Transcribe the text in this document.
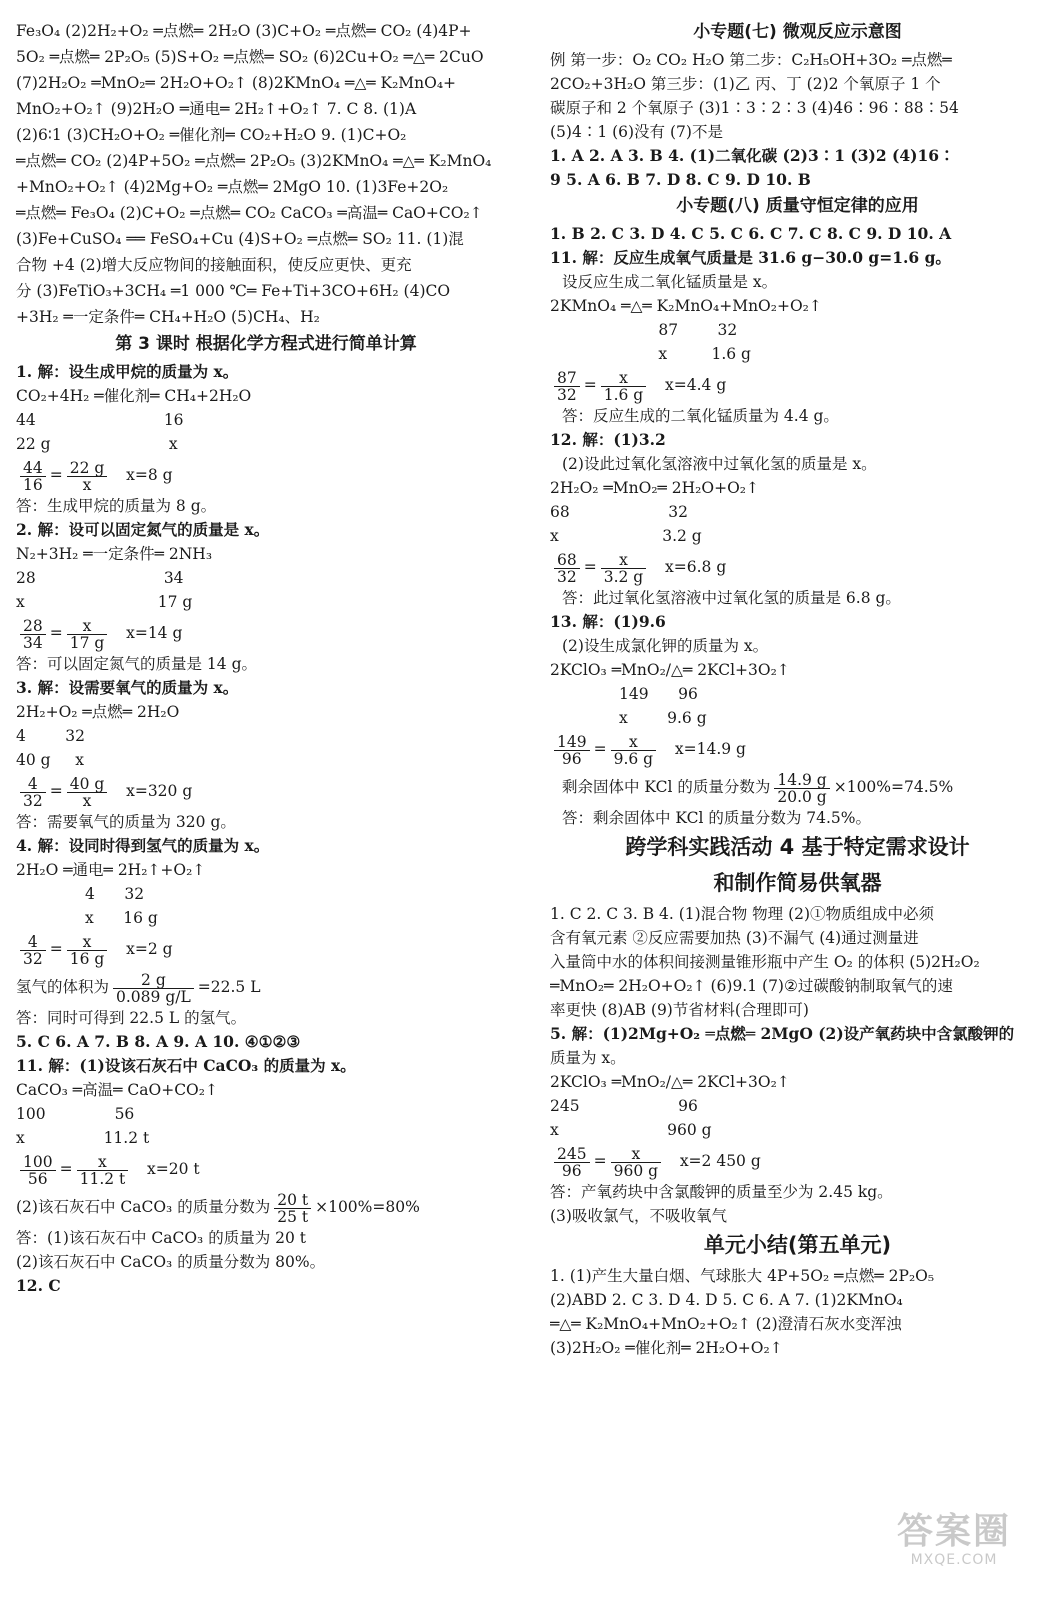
Fe₃O₄ (2)2H₂+O₂ ═点燃═ 2H₂O (3)C+O₂ ═点燃═ CO₂ (4)4P+
5O₂ ═点燃═ 2P₂O₅ (5)S+O₂ ═点燃═ SO₂ (6)2Cu+O₂ ═△═ 2CuO
(7)2H₂O₂ ═MnO₂═ 2H₂O+O₂↑ (8)2KMnO₄ ═△═ K₂MnO₄+
MnO₂+O₂↑ (9)2H₂O ═通电═ 2H₂↑+O₂↑ 7. C 8. (1)A
(2)6∶1 (3)CH₂O+O₂ ═催化剂═ CO₂+H₂O 9. (1)C+O₂
═点燃═ CO₂ (2)4P+5O₂ ═点燃═ 2P₂O₅ (3)2KMnO₄ ═△═ K₂MnO₄
+MnO₂+O₂↑ (4)2Mg+O₂ ═点燃═ 2MgO 10. (1)3Fe+2O₂
═点燃═ Fe₃O₄ (2)C+O₂ ═点燃═ CO₂ CaCO₃ ═高温═ CaO+CO₂↑
(3)Fe+CuSO₄ ══ FeSO₄+Cu (4)S+O₂ ═点燃═ SO₂ 11. (1)混
合物 +4 (2)增大反应物间的接触面积，使反应更快、更充
分 (3)FeTiO₃+3CH₄ ═1 000 ℃═ Fe+Ti+3CO+6H₂ (4)CO
+3H₂ ═一定条件═ CH₄+H₂O (5)CH₄、H₂
第 3 课时 根据化学方程式进行简单计算
1. 解：设生成甲烷的质量为 x。
CO₂+4H₂ ═催化剂═ CH₄+2H₂O
44                          16
22 g                        x
$\frac{44}{16} = \frac{22 g}{x} x=8$ g
答：生成甲烷的质量为 8 g。
2. 解：设可以固定氮气的质量是 x。
N₂+3H₂ ═一定条件═ 2NH₃
28                          34
x                           17 g
$\frac{28}{34} = \frac{x}{17 g} x=14$ g
答：可以固定氮气的质量是 14 g。
3. 解：设需要氧气的质量为 x。
2H₂+O₂ ═点燃═ 2H₂O
4        32
40 g     x
$\frac{4}{32} = \frac{40 g}{x} x=320$ g
答：需要氧气的质量为 320 g。
4. 解：设同时得到氢气的质量为 x。
2H₂O ═通电═ 2H₂↑+O₂↑
4      32
x      16 g
$\frac{4}{32} = \frac{x}{16 g} x=2$ g
氢气的体积为 $\frac{2 g}{0.089 g/L} =22.5$ L
答：同时可得到 22.5 L 的氢气。
5. C 6. A 7. B 8. A 9. A 10. ④①②③
11. 解：(1)设该石灰石中 CaCO₃ 的质量为 x。
CaCO₃ ═高温═ CaO+CO₂↑
100              56
x                11.2 t
$\frac{100}{56} = \frac{x}{11.2 t} x=20$ t
(2)该石灰石中 CaCO₃ 的质量分数为 $\frac{20 t}{25 t} \times 100\%=80\%$
答：(1)该石灰石中 CaCO₃ 的质量为 20 t
(2)该石灰石中 CaCO₃ 的质量分数为 80%。
12. C
小专题(七) 微观反应示意图
例 第一步：O₂ CO₂ H₂O 第二步：C₂H₅OH+3O₂ ═点燃═
2CO₂+3H₂O 第三步：(1)乙 丙、丁 (2)2 个氧原子 1 个
碳原子和 2 个氧原子 (3)1∶3∶2∶3 (4)46∶96∶88∶54
(5)4∶1 (6)没有 (7)不是
1. A 2. A 3. B 4. (1)二氧化碳 (2)3∶1 (3)2 (4)16∶
9 5. A 6. B 7. D 8. C 9. D 10. B
小专题(八) 质量守恒定律的应用
1. B 2. C 3. D 4. C 5. C 6. C 7. C 8. C 9. D 10. A
11. 解：反应生成氧气质量是 31.6 g−30.0 g=1.6 g。
设反应生成二氧化锰质量是 x。
2KMnO₄ ═△═ K₂MnO₄+MnO₂+O₂↑
87        32
x         1.6 g
$\frac{87}{32} = \frac{x}{1.6 g} x=4.4$ g
答：反应生成的二氧化锰质量为 4.4 g。
12. 解：(1)3.2
(2)设此过氧化氢溶液中过氧化氢的质量是 x。
2H₂O₂ ═MnO₂═ 2H₂O+O₂↑
68                    32
x                     3.2 g
$\frac{68}{32} = \frac{x}{3.2 g} x=6.8$ g
答：此过氧化氢溶液中过氧化氢的质量是 6.8 g。
13. 解：(1)9.6
(2)设生成氯化钾的质量为 x。
2KClO₃ ═MnO₂/△═ 2KCl+3O₂↑
149      96
x        9.6 g
$\frac{149}{96} = \frac{x}{9.6 g} x=14.9$ g
剩余固体中 KCl 的质量分数为 $\frac{14.9 g}{20.0 g} \times 100\%=74.5\%$
答：剩余固体中 KCl 的质量分数为 74.5%。
跨学科实践活动 4 基于特定需求设计
和制作简易供氧器
1. C 2. C 3. B 4. (1)混合物 物理 (2)①物质组成中必须
含有氧元素 ②反应需要加热 (3)不漏气 (4)通过测量进
入量筒中水的体积间接测量锥形瓶中产生 O₂ 的体积 (5)2H₂O₂
═MnO₂═ 2H₂O+O₂↑ (6)9.1 (7)②过碳酸钠制取氧气的速
率更快 (8)AB (9)节省材料(合理即可)
5. 解：(1)2Mg+O₂ ═点燃═ 2MgO (2)设产氧药块中含氯酸钾的
质量为 x。
2KClO₃ ═MnO₂/△═ 2KCl+3O₂↑
245                    96
x                      960 g
$\frac{245}{96} = \frac{x}{960 g} x=2$ 450 g
答：产氧药块中含氯酸钾的质量至少为 2.45 kg。
(3)吸收氯气，不吸收氧气
单元小结(第五单元)
1. (1)产生大量白烟、气球胀大 4P+5O₂ ═点燃═ 2P₂O₅
(2)ABD 2. C 3. D 4. D 5. C 6. A 7. (1)2KMnO₄
═△═ K₂MnO₄+MnO₂+O₂↑ (2)澄清石灰水变浑浊
(3)2H₂O₂ ═催化剂═ 2H₂O+O₂↑
答案圈
MXQE.COM
